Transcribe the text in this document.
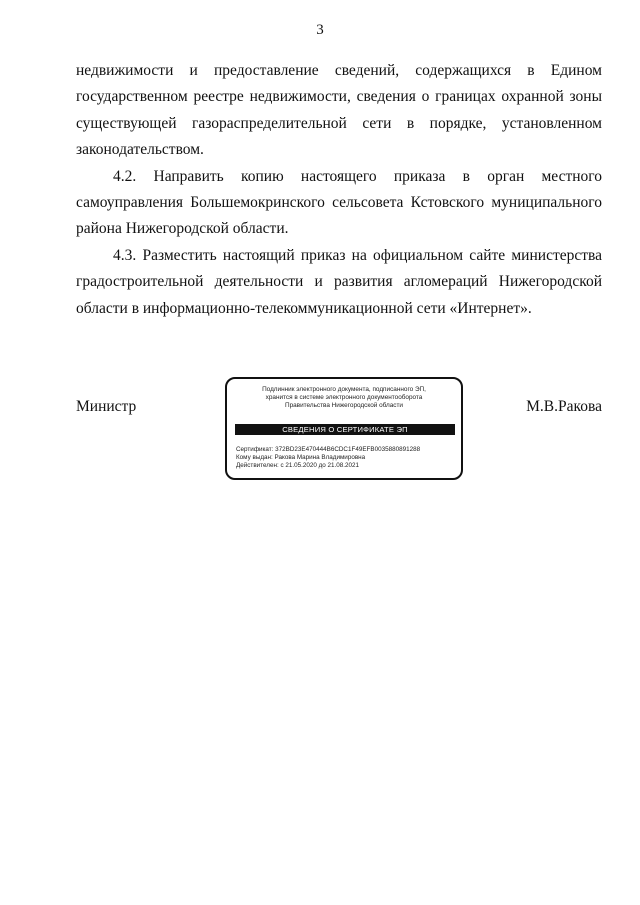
3

недвижимости и предоставление сведений, содержащихся в Едином государственном реестре недвижимости, сведения о границах охранной зоны существующей газораспределительной сети в порядке, установленном законодательством.

4.2. Направить копию настоящего приказа в орган местного самоуправления Большемокринского сельсовета Кстовского муниципального района Нижегородской области.

4.3. Разместить настоящий приказ на официальном сайте министерства градостроительной деятельности и развития агломераций Нижегородской области в информационно-телекоммуникационной сети «Интернет».

Министр
Подлинник электронного документа, подписанного ЭП,
хранится в системе электронного документооборота
Правительства Нижегородской области
СВЕДЕНИЯ О СЕРТИФИКАТЕ ЭП
Сертификат: 372BD23E470444B6CDC1F49EFB0035880891288
Кому выдан: Ракова Марина Владимировна
Действителен: с 21.05.2020 до 21.08.2021
М.В.Ракова
